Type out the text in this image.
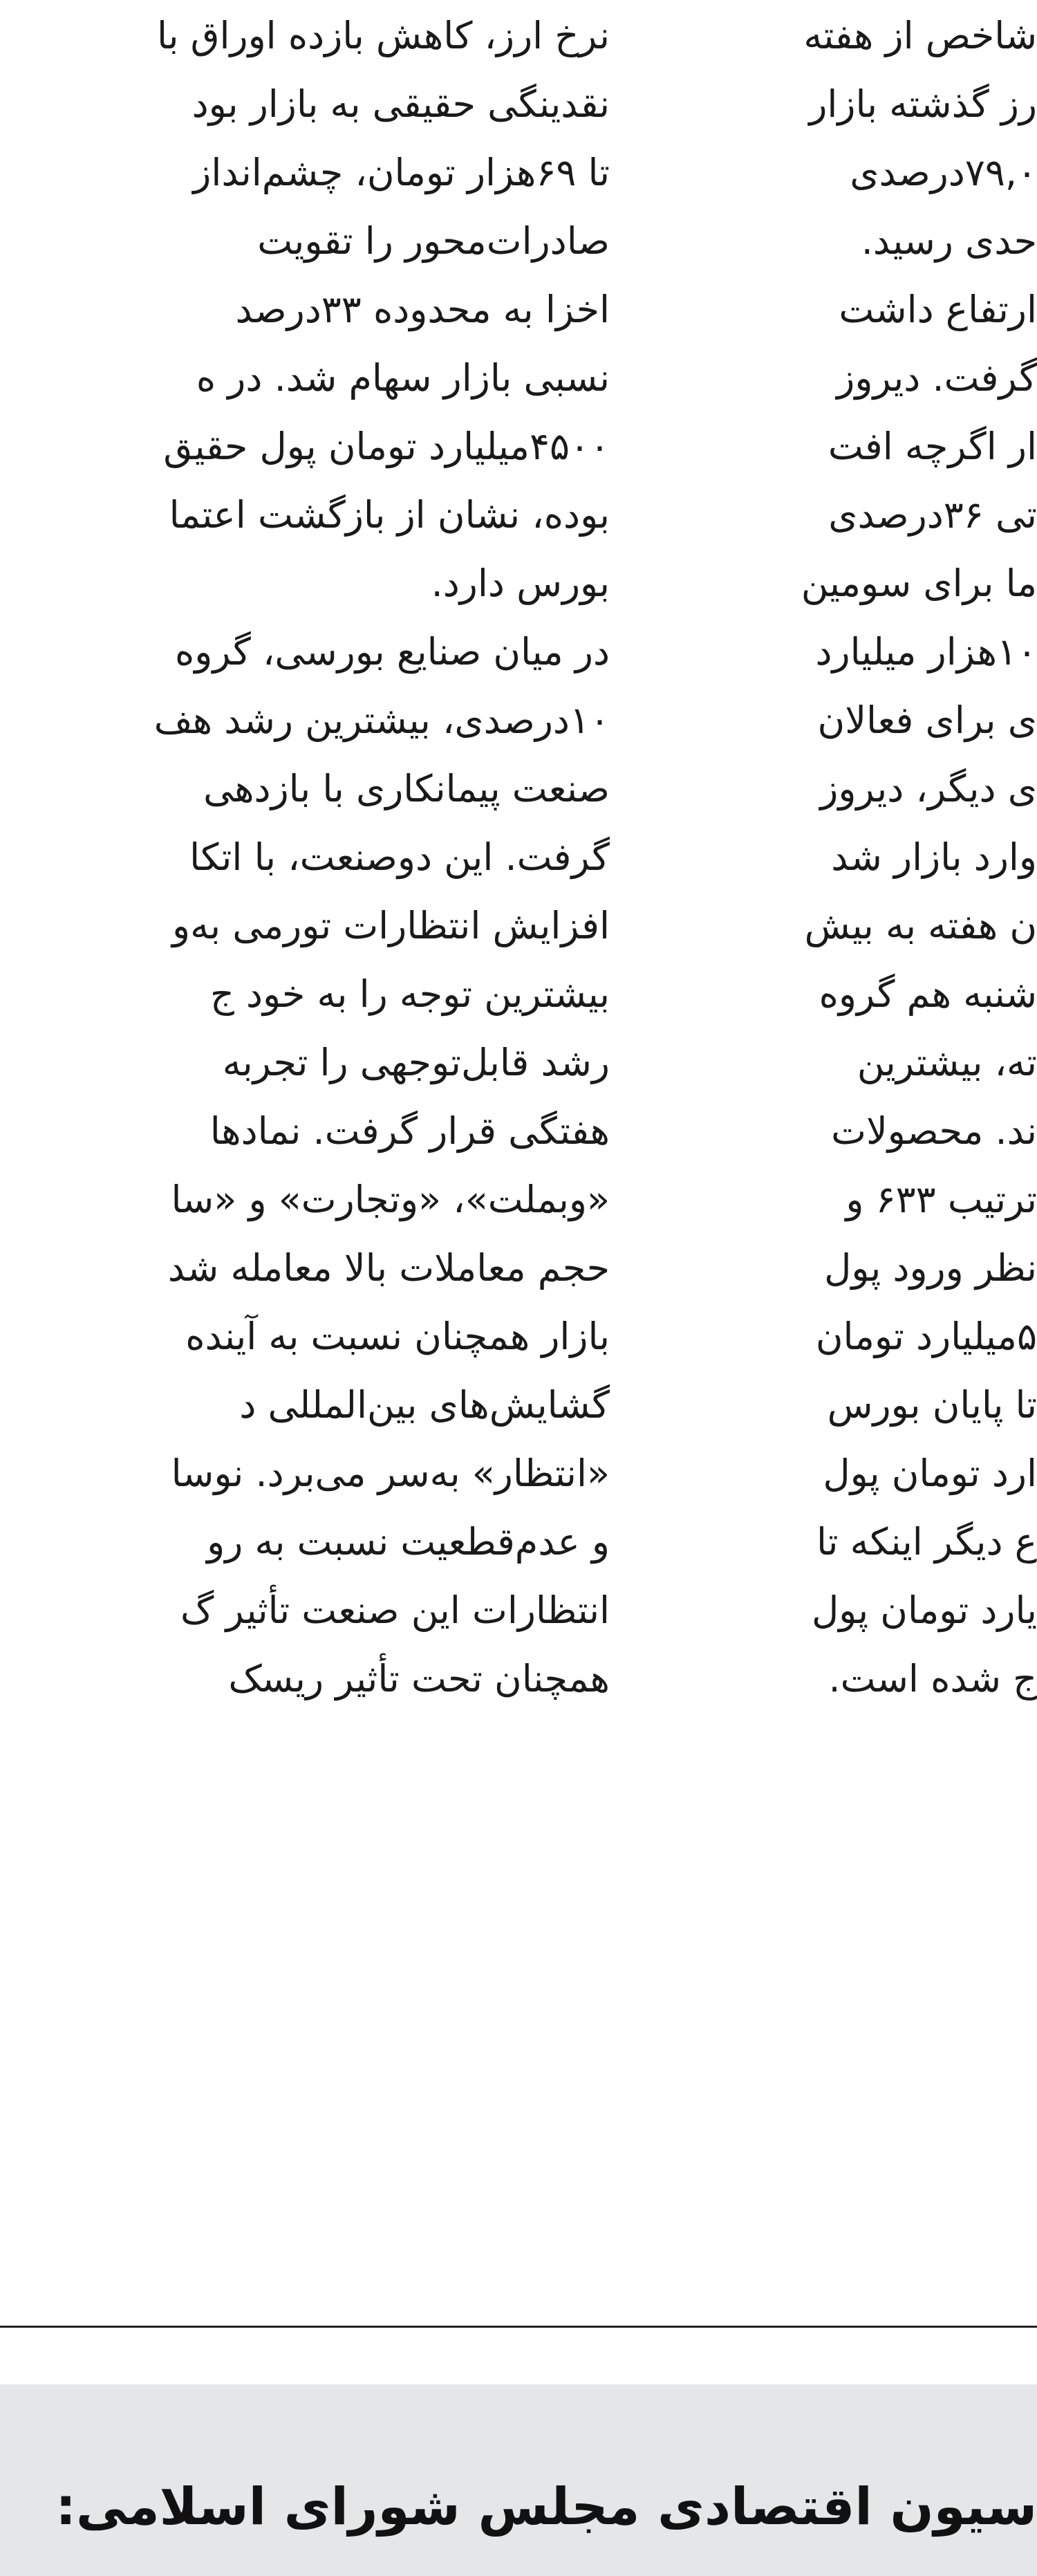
نرخ ارز، کاهش بازده اوراق با
نقدینگی حقیقی به بازار بود
تا ۶۹هزار تومان، چشم‌انداز
صادرات‌محور را تقویت
اخزا به محدوده ۳۳درصد
نسبی بازار سهام شد. در ه
۴۵۰۰میلیارد تومان پول حقیق
بوده، نشان از بازگشت اعتما
بورس دارد.
در میان صنایع بورسی، گروه
۱۰درصدی، بیشترین رشد هف
صنعت پیمانکاری با بازدهی
گرفت. این دوصنعت، با اتکا
افزایش انتظارات تورمی به‌و
بیشترین توجه را به خود ج
رشد قابل‌توجهی را تجربه
هفتگی قرار گرفت. نمادها
«وبملت»، «وتجارت» و «سا
حجم معاملات بالا معامله شد
بازار همچنان نسبت به آینده
گشایش‌های بین‌المللی د
«انتظار» به‌سر می‌برد. نوسا
و عدم‌قطعیت نسبت به رو
انتظارات این صنعت تأثیر گ
همچنان تحت تأثیر ریسک
شاخص از هفته
رز گذشته بازار
۷۹,۰درصدی
حدی رسید.
ارتفاع داشت
گرفت. دیروز
ار اگرچه افت
تی ۳۶درصدی
ما برای سومین
۱۰هزار میلیارد
ی برای فعالان
ی دیگر، دیروز
وارد بازار شد
ن هفته به بیش
شنبه هم گروه
ته، بیشترین
ند. محصولات
ترتیب ۶۳۳ و
نظر ورود پول
۵میلیارد تومان
تا پایان بورس
ارد تومان پول
ع دیگر اینکه تا
یارد تومان پول
ج شده است.
سیون اقتصادی مجلس شورای اسلامی:
